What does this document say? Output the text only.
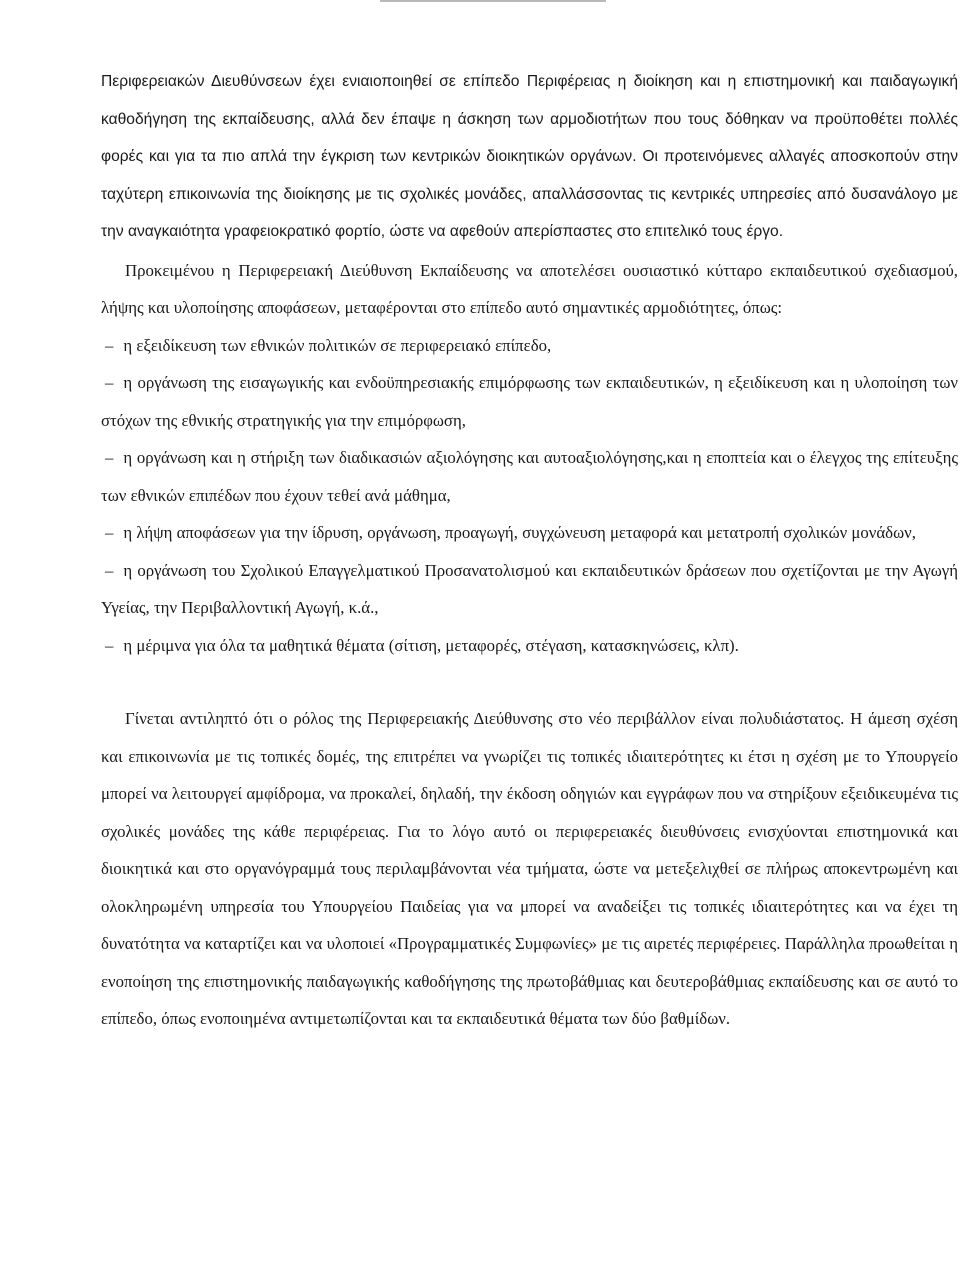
Περιφερειακών Διευθύνσεων έχει ενιαιοποιηθεί σε επίπεδο Περιφέρειας η διοίκηση και η επιστημονική και παιδαγωγική καθοδήγηση της εκπαίδευσης, αλλά δεν έπαψε η άσκηση των αρμοδιοτήτων που τους δόθηκαν να προϋποθέτει πολλές φορές και για τα πιο απλά την έγκριση των κεντρικών διοικητικών οργάνων. Οι προτεινόμενες αλλαγές αποσκοπούν στην ταχύτερη επικοινωνία της διοίκησης με τις σχολικές μονάδες, απαλλάσσοντας τις κεντρικές υπηρεσίες από δυσανάλογο με την αναγκαιότητα γραφειοκρατικό φορτίο, ώστε να αφεθούν απερίσπαστες στο επιτελικό τους έργο.

Προκειμένου η Περιφερειακή Διεύθυνση Εκπαίδευσης να αποτελέσει ουσιαστικό κύτταρο εκπαιδευτικού σχεδιασμού, λήψης και υλοποίησης αποφάσεων, μεταφέρονται στο επίπεδο αυτό σημαντικές αρμοδιότητες, όπως:

– η εξειδίκευση των εθνικών πολιτικών σε περιφερειακό επίπεδο,

– η οργάνωση της εισαγωγικής και ενδοϋπηρεσιακής επιμόρφωσης των εκπαιδευτικών, η εξειδίκευση και η υλοποίηση των στόχων της εθνικής στρατηγικής για την επιμόρφωση,

– η οργάνωση και η στήριξη των διαδικασιών αξιολόγησης και αυτοαξιολόγησης,και η εποπτεία και ο έλεγχος της επίτευξης των εθνικών επιπέδων που έχουν τεθεί ανά μάθημα,

– η λήψη αποφάσεων για την ίδρυση, οργάνωση, προαγωγή, συγχώνευση μεταφορά και μετατροπή σχολικών μονάδων,

– η οργάνωση του Σχολικού Επαγγελματικού Προσανατολισμού και εκπαιδευτικών δράσεων που σχετίζονται με την Αγωγή Υγείας, την Περιβαλλοντική Αγωγή, κ.ά.,

– η μέριμνα για όλα τα μαθητικά θέματα (σίτιση, μεταφορές, στέγαση, κατασκηνώσεις, κλπ).

Γίνεται αντιληπτό ότι ο ρόλος της Περιφερειακής Διεύθυνσης στο νέο περιβάλλον είναι πολυδιάστατος. Η άμεση σχέση και επικοινωνία με τις τοπικές δομές, της επιτρέπει να γνωρίζει τις τοπικές ιδιαιτερότητες κι έτσι η σχέση με το Υπουργείο μπορεί να λειτουργεί αμφίδρομα, να προκαλεί, δηλαδή, την έκδοση οδηγιών και εγγράφων που να στηρίξουν εξειδικευμένα τις σχολικές μονάδες της κάθε περιφέρειας. Για το λόγο αυτό οι περιφερειακές διευθύνσεις ενισχύονται επιστημονικά και διοικητικά και στο οργανόγραμμά τους περιλαμβάνονται νέα τμήματα, ώστε να μετεξελιχθεί σε πλήρως αποκεντρωμένη και ολοκληρωμένη υπηρεσία του Υπουργείου Παιδείας για να μπορεί να αναδείξει τις τοπικές ιδιαιτερότητες και να έχει τη δυνατότητα να καταρτίζει και να υλοποιεί «Προγραμματικές Συμφωνίες» με τις αιρετές περιφέρειες. Παράλληλα προωθείται η ενοποίηση της επιστημονικής παιδαγωγικής καθοδήγησης της πρωτοβάθμιας και δευτεροβάθμιας εκπαίδευσης και σε αυτό το επίπεδο, όπως ενοποιημένα αντιμετωπίζονται και τα εκπαιδευτικά θέματα των δύο βαθμίδων.
